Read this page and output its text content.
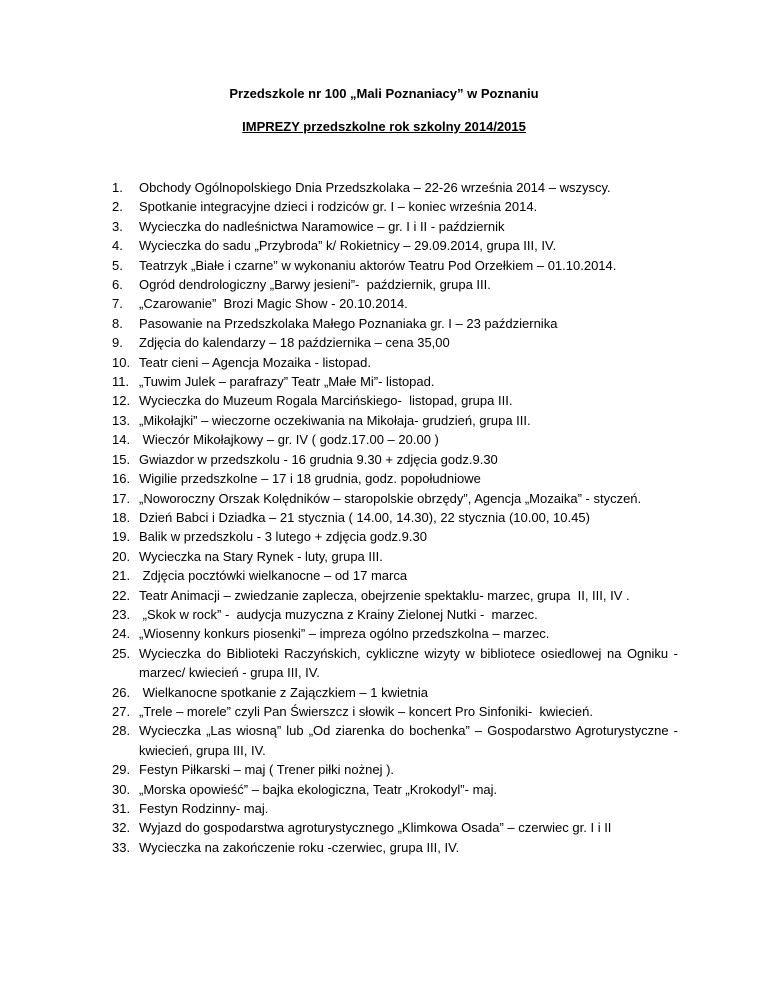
Przedszkole nr 100 „Mali Poznaniacy” w Poznaniu
IMPREZY przedszkolne rok szkolny 2014/2015
1. Obchody Ogólnopolskiego Dnia Przedszkolaka – 22-26 września 2014 – wszyscy.
2. Spotkanie integracyjne dzieci i rodziców gr. I – koniec września 2014.
3. Wycieczka do nadleśnictwa Naramowice – gr. I i II - październik
4. Wycieczka do sadu „Przybroda” k/ Rokietnicy – 29.09.2014, grupa III, IV.
5. Teatrzyk „Białe i czarne” w wykonaniu aktorów Teatru Pod Orzełkiem – 01.10.2014.
6. Ogród dendrologiczny „Barwy jesieni”-  październik, grupa III.
7. „Czarowanie”  Brozi Magic Show - 20.10.2014.
8. Pasowanie na Przedszkolaka Małego Poznaniaka gr. I – 23 października
9. Zdjęcia do kalendarzy – 18 października – cena 35,00
10. Teatr cieni – Agencja Mozaika - listopad.
11. „Tuwim Julek – parafrazy” Teatr „Małe Mi”- listopad.
12. Wycieczka do Muzeum Rogala Marcińskiego-  listopad, grupa III.
13. „Mikołajki” – wieczorne oczekiwania na Mikołaja- grudzień, grupa III.
14. Wieczór Mikołajkowy – gr. IV ( godz.17.00 – 20.00 )
15. Gwiazdor w przedszkolu - 16 grudnia 9.30 + zdjęcia godz.9.30
16. Wigilie przedszkolne – 17 i 18 grudnia, godz. popołudniowe
17. „Noworoczny Orszak Kolędników – staropolskie obrzędy”, Agencja „Mozaika” - styczeń.
18. Dzień Babci i Dziadka – 21 stycznia ( 14.00, 14.30), 22 stycznia (10.00, 10.45)
19. Balik w przedszkolu - 3 lutego + zdjęcia godz.9.30
20. Wycieczka na Stary Rynek - luty, grupa III.
21. Zdjęcia pocztówki wielkanocne – od 17 marca
22. Teatr Animacji – zwiedzanie zaplecza, obejrzenie spektaklu- marzec, grupa  II, III, IV .
23. „Skok w rock” -  audycja muzyczna z Krainy Zielonej Nutki -  marzec.
24. „Wiosenny konkurs piosenki” – impreza ogólno przedszkolna – marzec.
25. Wycieczka do Biblioteki Raczyńskich, cykliczne wizyty w bibliotece osiedlowej na Ogniku - marzec/ kwiecień - grupa III, IV.
26. Wielkanocne spotkanie z Zajączkiem – 1 kwietnia
27. „Trele – morele” czyli Pan Świerszcz i słowik – koncert Pro Sinfoniki-  kwiecień.
28. Wycieczka „Las wiosną” lub „Od ziarenka do bochenka” – Gospodarstwo Agroturystyczne - kwiecień, grupa III, IV.
29. Festyn Piłkarski – maj ( Trener piłki nożnej ).
30. „Morska opowieść” – bajka ekologiczna, Teatr „Krokodyl”- maj.
31. Festyn Rodzinny- maj.
32. Wyjazd do gospodarstwa agroturystycznego „Klimkowa Osada” – czerwiec gr. I i II
33. Wycieczka na zakończenie roku -czerwiec, grupa III, IV.
